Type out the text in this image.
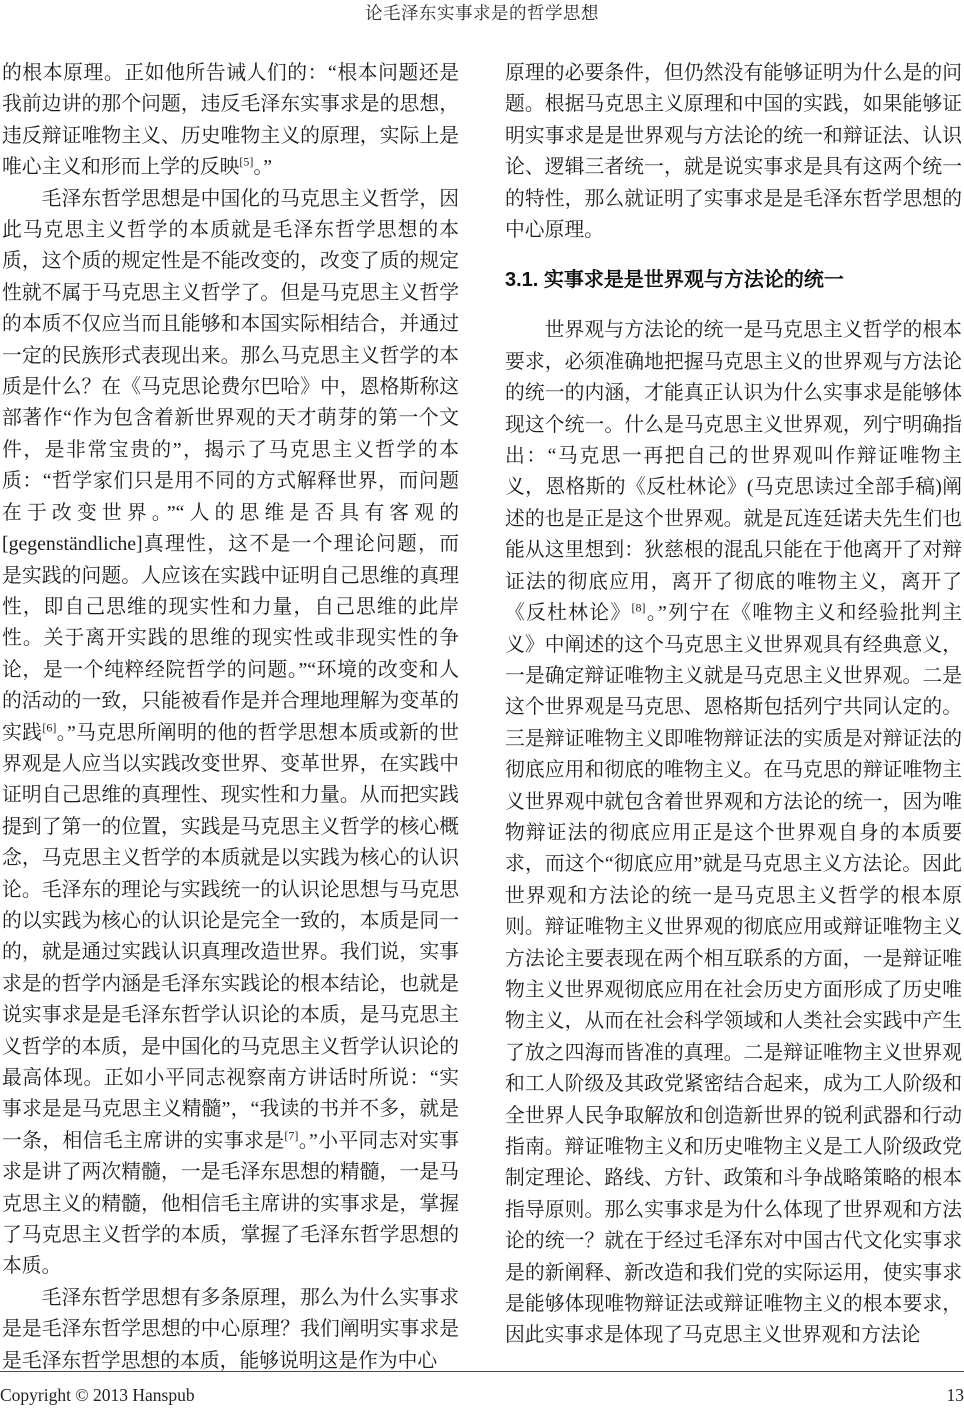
论毛泽东实事求是的哲学思想

的根本原理。正如他所告诫人们的：“根本问题还是我前边讲的那个问题，违反毛泽东实事求是的思想，违反辩证唯物主义、历史唯物主义的原理，实际上是唯心主义和形而上学的反映[5]。”

毛泽东哲学思想是中国化的马克思主义哲学，因此马克思主义哲学的本质就是毛泽东哲学思想的本质，这个质的规定性是不能改变的，改变了质的规定性就不属于马克思主义哲学了。但是马克思主义哲学的本质不仅应当而且能够和本国实际相结合，并通过一定的民族形式表现出来。那么马克思主义哲学的本质是什么？在《马克思论费尔巴哈》中，恩格斯称这部著作“作为包含着新世界观的天才萌芽的第一个文件，是非常宝贵的”，揭示了马克思主义哲学的本质：“哲学家们只是用不同的方式解释世界，而问题在于改变世界。”“人的思维是否具有客观的[gegenständliche]真理性，这不是一个理论问题，而是实践的问题。人应该在实践中证明自己思维的真理性，即自己思维的现实性和力量，自己思维的此岸性。关于离开实践的思维的现实性或非现实性的争论，是一个纯粹经院哲学的问题。”“环境的改变和人的活动的一致，只能被看作是并合理地理解为变革的实践[6]。”马克思所阐明的他的哲学思想本质或新的世界观是人应当以实践改变世界、变革世界，在实践中证明自己思维的真理性、现实性和力量。从而把实践提到了第一的位置，实践是马克思主义哲学的核心概念，马克思主义哲学的本质就是以实践为核心的认识论。毛泽东的理论与实践统一的认识论思想与马克思的以实践为核心的认识论是完全一致的，本质是同一的，就是通过实践认识真理改造世界。我们说，实事求是的哲学内涵是毛泽东实践论的根本结论，也就是说实事求是是毛泽东哲学认识论的本质，是马克思主义哲学的本质，是中国化的马克思主义哲学认识论的最高体现。正如小平同志视察南方讲话时所说：“实事求是是马克思主义精髓”，“我读的书并不多，就是一条，相信毛主席讲的实事求是[7]。”小平同志对实事求是讲了两次精髓，一是毛泽东思想的精髓，一是马克思主义的精髓，他相信毛主席讲的实事求是，掌握了马克思主义哲学的本质，掌握了毛泽东哲学思想的本质。

毛泽东哲学思想有多条原理，那么为什么实事求是是毛泽东哲学思想的中心原理？我们阐明实事求是是毛泽东哲学思想的本质，能够说明这是作为中心

原理的必要条件，但仍然没有能够证明为什么是的问题。根据马克思主义原理和中国的实践，如果能够证明实事求是是世界观与方法论的统一和辩证法、认识论、逻辑三者统一，就是说实事求是具有这两个统一的特性，那么就证明了实事求是是毛泽东哲学思想的中心原理。

3.1. 实事求是是世界观与方法论的统一

世界观与方法论的统一是马克思主义哲学的根本要求，必须准确地把握马克思主义的世界观与方法论的统一的内涵，才能真正认识为什么实事求是能够体现这个统一。什么是马克思主义世界观，列宁明确指出：“马克思一再把自己的世界观叫作辩证唯物主义，恩格斯的《反杜林论》(马克思读过全部手稿)阐述的也是正是这个世界观。就是瓦连廷诺夫先生们也能从这里想到：狄慈根的混乱只能在于他离开了对辩证法的彻底应用，离开了彻底的唯物主义，离开了《反杜林论》[8]。”列宁在《唯物主义和经验批判主义》中阐述的这个马克思主义世界观具有经典意义，一是确定辩证唯物主义就是马克思主义世界观。二是这个世界观是马克思、恩格斯包括列宁共同认定的。三是辩证唯物主义即唯物辩证法的实质是对辩证法的彻底应用和彻底的唯物主义。在马克思的辩证唯物主义世界观中就包含着世界观和方法论的统一，因为唯物辩证法的彻底应用正是这个世界观自身的本质要求，而这个“彻底应用”就是马克思主义方法论。因此世界观和方法论的统一是马克思主义哲学的根本原则。辩证唯物主义世界观的彻底应用或辩证唯物主义方法论主要表现在两个相互联系的方面，一是辩证唯物主义世界观彻底应用在社会历史方面形成了历史唯物主义，从而在社会科学领域和人类社会实践中产生了放之四海而皆准的真理。二是辩证唯物主义世界观和工人阶级及其政党紧密结合起来，成为工人阶级和全世界人民争取解放和创造新世界的锐利武器和行动指南。辩证唯物主义和历史唯物主义是工人阶级政党制定理论、路线、方针、政策和斗争战略策略的根本指导原则。那么实事求是为什么体现了世界观和方法论的统一？就在于经过毛泽东对中国古代文化实事求是的新阐释、新改造和我们党的实际运用，使实事求是能够体现唯物辩证法或辩证唯物主义的根本要求，因此实事求是体现了马克思主义世界观和方法论

Copyright © 2013 Hanspub	13
